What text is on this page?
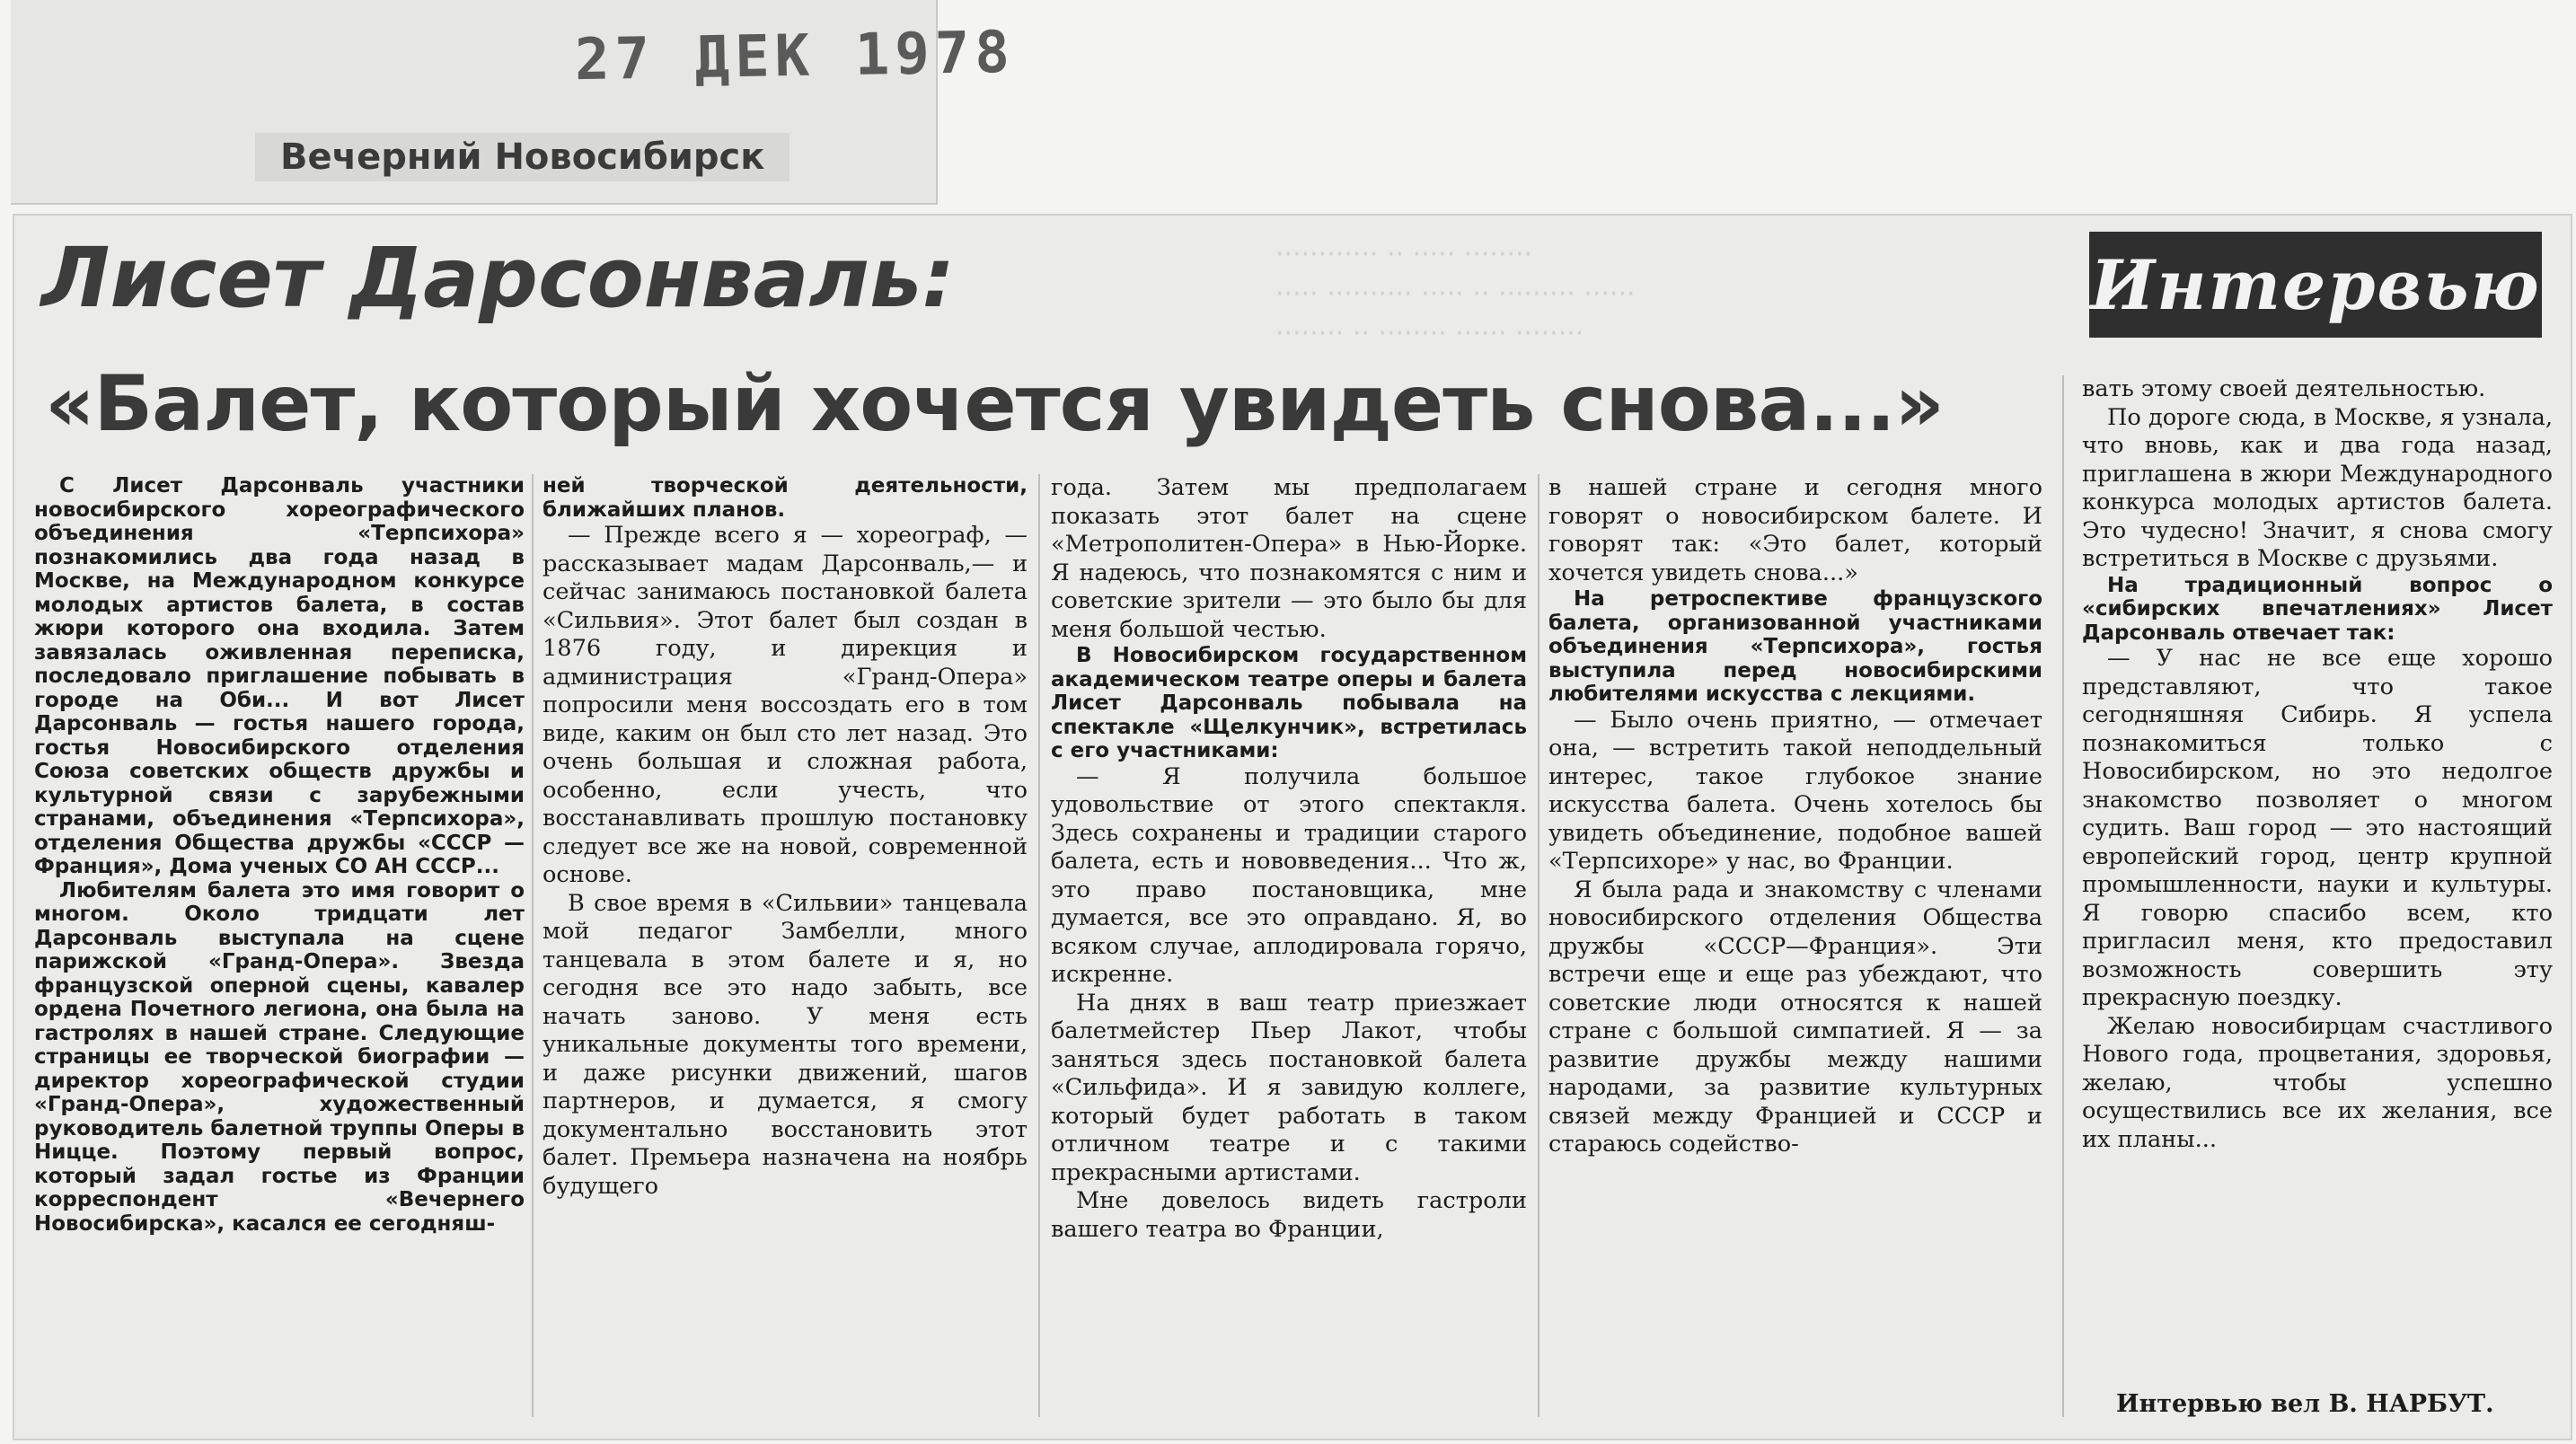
27 ДЕК 1978
Вечерний Новосибирск
············ ·· ····· ········
····· ·········· ····· ·· ········· ······
········ ·· ········ ······ ········
Лисет Дарсонваль:
«Балет, который хочется увидеть снова...»
Интервью

С Лисет Дарсонваль участники новосибирского хореографического объединения «Терпсихора» познакомились два года назад в Москве, на Международном конкурсе молодых артистов балета, в состав жюри которого она входила. Затем завязалась оживленная переписка, последовало приглашение побывать в городе на Оби... И вот Лисет Дарсонваль — гостья нашего города, гостья Новосибирского отделения Союза советских обществ дружбы и культурной связи с зарубежными странами, объединения «Терпсихора», отделения Общества дружбы «СССР — Франция», Дома ученых СО АН СССР...

Любителям балета это имя говорит о многом. Около тридцати лет Дарсонваль выступала на сцене парижской «Гранд-Опера». Звезда французской оперной сцены, кавалер ордена Почетного легиона, она была на гастролях в нашей стране. Следующие страницы ее творческой биографии — директор хореографической студии «Гранд-Опера», художественный руководитель балетной труппы Оперы в Ницце. Поэтому первый вопрос, который задал гостье из Франции корреспондент «Вечернего Новосибирска», касался ее сегодняш-

ней творческой деятельности, ближайших планов.

— Прежде всего я — хореограф, — рассказывает мадам Дарсонваль,— и сейчас занимаюсь постановкой балета «Сильвия». Этот балет был создан в 1876 году, и дирекция и администрация «Гранд-Опера» попросили меня воссоздать его в том виде, каким он был сто лет назад. Это очень большая и сложная работа, особенно, если учесть, что восстанавливать прошлую постановку следует все же на новой, современной основе.

В свое время в «Сильвии» танцевала мой педагог Замбелли, много танцевала в этом балете и я, но сегодня все это надо забыть, все начать заново. У меня есть уникальные документы того времени, и даже рисунки движений, шагов партнеров, и думается, я смогу документально восстановить этот балет. Премьера назначена на ноябрь будущего

года. Затем мы предполагаем показать этот балет на сцене «Метрополитен-Опера» в Нью-Йорке. Я надеюсь, что познакомятся с ним и советские зрители — это было бы для меня большой честью.

В Новосибирском государственном академическом театре оперы и балета Лисет Дарсонваль побывала на спектакле «Щелкунчик», встретилась с его участниками:

— Я получила большое удовольствие от этого спектакля. Здесь сохранены и традиции старого балета, есть и нововведения... Что ж, это право постановщика, мне думается, все это оправдано. Я, во всяком случае, аплодировала горячо, искренне.

На днях в ваш театр приезжает балетмейстер Пьер Лакот, чтобы заняться здесь постановкой балета «Сильфида». И я завидую коллеге, который будет работать в таком отличном театре и с такими прекрасными артистами.

Мне довелось видеть гастроли вашего театра во Франции,

в нашей стране и сегодня много говорят о новосибирском балете. И говорят так: «Это балет, который хочется увидеть снова...»

На ретроспективе французского балета, организованной участниками объединения «Терпсихора», гостья выступила перед новосибирскими любителями искусства с лекциями.

— Было очень приятно, — отмечает она, — встретить такой неподдельный интерес, такое глубокое знание искусства балета. Очень хотелось бы увидеть объединение, подобное вашей «Терпсихоре» у нас, во Франции.

Я была рада и знакомству с членами новосибирского отделения Общества дружбы «СССР—Франция». Эти встречи еще и еще раз убеждают, что советские люди относятся к нашей стране с большой симпатией. Я — за развитие дружбы между нашими народами, за развитие культурных связей между Францией и СССР и стараюсь содейство-

вать этому своей деятельностью.

По дороге сюда, в Москве, я узнала, что вновь, как и два года назад, приглашена в жюри Международного конкурса молодых артистов балета. Это чудесно! Значит, я снова смогу встретиться в Москве с друзьями.

На традиционный вопрос о «сибирских впечатлениях» Лисет Дарсонваль отвечает так:

— У нас не все еще хорошо представляют, что такое сегодняшняя Сибирь. Я успела познакомиться только с Новосибирском, но это недолгое знакомство позволяет о многом судить. Ваш город — это настоящий европейский город, центр крупной промышленности, науки и культуры. Я говорю спасибо всем, кто пригласил меня, кто предоставил возможность совершить эту прекрасную поездку.

Желаю новосибирцам счастливого Нового года, процветания, здоровья, желаю, чтобы успешно осуществились все их желания, все их планы...

Интервью вел В. НАРБУТ.
